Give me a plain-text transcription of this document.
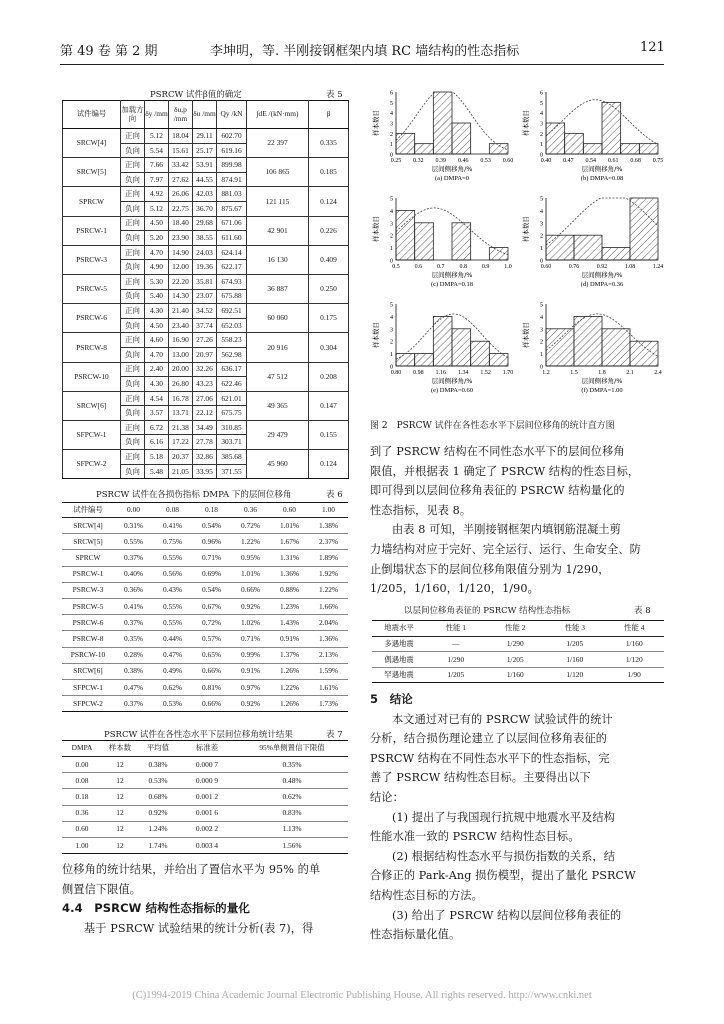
第 49 卷 第 2 期	李坤明，等. 半刚接钢框架内填 RC 墙结构的性态指标	121
PSRCW 试件β值的确定	表 5
试件编号	加载方向	δy /mm	δu,p /mm	δu /mm	Qy /kN	∫dE /(kN·mm)	β
SRCW[4]	正向	5.12	18.04	29.11	602.70	22 397	0.335
	负向	5.54	15.61	25.17	619.16		
SRCW[5]	正向	7.66	33.42	53.91	899.98	106 865	0.185
	负向	7.97	27.62	44.55	874.91		
SPRCW	正向	4.92	26.06	42.03	881.03	121 115	0.124
	负向	5.12	22.75	36.70	875.67		
PSRCW-1	正向	4.50	18.40	29.68	671.06	42 901	0.226
	负向	5.20	23.90	38.55	611.60		
PSRCW-3	正向	4.70	14.90	24.03	624.14	16 130	0.409
	负向	4.90	12.00	19.36	622.17		
PSRCW-5	正向	5.30	22.20	35.81	674.93	36 887	0.250
	负向	5.40	14.30	23.07	675.88		
PSRCW-6	正向	4.30	21.40	34.52	692.51	60 060	0.175
	负向	4.50	23.40	37.74	652.03		
PSRCW-8	正向	4.60	16.90	27.26	558.23	20 916	0.304
	负向	4.70	13.00	20.97	562.98		
PSRCW-10	正向	2.40	20.00	32.26	636.17	47 512	0.208
	负向	4.30	26.80	43.23	622.46		
SRCW[6]	正向	4.54	16.78	27.06	621.01	49 365	0.147
	负向	3.57	13.71	22.12	675.75		
SFPCW-1	正向	6.72	21.38	34.49	310.85	29 479	0.155
	负向	6.16	17.22	27.78	303.71		
SFPCW-2	正向	5.18	20.37	32.86	385.68	45 960	0.124
	负向	5.48	21.05	33.95	371.55		
PSRCW 试件在各损伤指标 DMPA 下的层间位移角	表 6
试件编号	0.00	0.08	0.18	0.36	0.60	1.00
SRCW[4]	0.31%	0.41%	0.54%	0.72%	1.01%	1.38%
SRCW[5]	0.55%	0.75%	0.96%	1.22%	1.67%	2.37%
SPRCW	0.37%	0.55%	0.71%	0.95%	1.31%	1.89%
PSRCW-1	0.40%	0.56%	0.69%	1.01%	1.36%	1.92%
PSRCW-3	0.36%	0.43%	0.54%	0.66%	0.88%	1.22%
PSRCW-5	0.41%	0.55%	0.67%	0.92%	1.23%	1.66%
PSRCW-6	0.37%	0.55%	0.72%	1.02%	1.43%	2.04%
PSRCW-8	0.35%	0.44%	0.57%	0.71%	0.91%	1.36%
PSRCW-10	0.28%	0.47%	0.65%	0.99%	1.37%	2.13%
SRCW[6]	0.38%	0.49%	0.66%	0.91%	1.26%	1.59%
SFPCW-1	0.47%	0.62%	0.81%	0.97%	1.22%	1.61%
SFPCW-2	0.37%	0.53%	0.66%	0.92%	1.26%	1.73%
PSRCW 试件在各性态水平下层间位移角统计结果	表 7
DMPA	样本数	平均值	标准差	95%单侧置信下限值
0.00	12	0.38%	0.000 7	0.35%
0.08	12	0.53%	0.000 9	0.48%
0.18	12	0.68%	0.001 2	0.62%
0.36	12	0.92%	0.001 6	0.83%
0.60	12	1.24%	0.002 2	1.13%
1.00	12	1.74%	0.003 4	1.56%

位移角的统计结果，并给出了置信水平为 95% 的单

侧置信下限值。

4.4　PSRCW 结构性态指标的量化

基于 PSRCW 试验结果的统计分析(表 7)，得

0
1
2
3
4
5
6
0.25 0.32 0.39 0.46 0.53 0.60
层间侧移角/%
(a) DMPA=0
样本数目
0
1
2
3
4
5
6
0.40 0.47 0.54 0.61 0.68 0.75
层间侧移角/%
(b) DMPA=0.08
样本数目
0
1
2
3
4
5
0.5 0.6 0.7 0.8 0.9 1.0
层间侧移角/%
(c) DMPA=0.18
样本数目
0
1
2
3
4
5
0.60	0.76	0.92	1.08	1.24
层间侧移角/%
(d) DMPA=0.36
样本数目
0
1
2
3
4
5
0.80 0.98 1.16 1.34 1.52 1.70
层间侧移角/%
(e) DMPA=0.60
样本数目
0
1
2
3
4
5
1.2	1.5	1.8	2.1	2.4
层间侧移角/%
(f) DMPA=1.00
样本数目
图 2　PSRCW 试件在各性态水平下层间位移角的统计直方图

到了 PSRCW 结构在不同性态水平下的层间位移角

限值，并根据表 1 确定了 PSRCW 结构的性态目标，

即可得到以层间位移角表征的 PSRCW 结构量化的

性态指标，见表 8。

由表 8 可知，半刚接钢框架内填钢筋混凝土剪

力墙结构对应于完好、完全运行、运行、生命安全、防

止倒塌状态下的层间位移角限值分别为 1/290，

1/205，1/160，1/120，1/90。

以层间位移角表征的 PSRCW 结构性态指标	表 8
地震水平	性能 1	性能 2	性能 3	性能 4
多遇地震	—	1/290	1/205	1/160
偶遇地震	1/290	1/205	1/160	1/120
罕遇地震	1/205	1/160	1/120	1/90

5　结论

本文通过对已有的 PSRCW 试验试件的统计

分析，结合损伤理论建立了以层间位移角表征的

PSRCW 结构在不同性态水平下的性态指标，完

善了 PSRCW 结构性态目标。主要得出以下

结论：

(1) 提出了与我国现行抗规中地震水平及结构

性能水准一致的 PSRCW 结构性态目标。

(2) 根据结构性态水平与损伤指数的关系，结

合修正的 Park-Ang 损伤模型，提出了量化 PSRCW

结构性态目标的方法。

(3) 给出了 PSRCW 结构以层间位移角表征的

性态指标量化值。

(C)1994-2019 China Academic Journal Electronic Publishing House. All rights reserved. http://www.cnki.net
